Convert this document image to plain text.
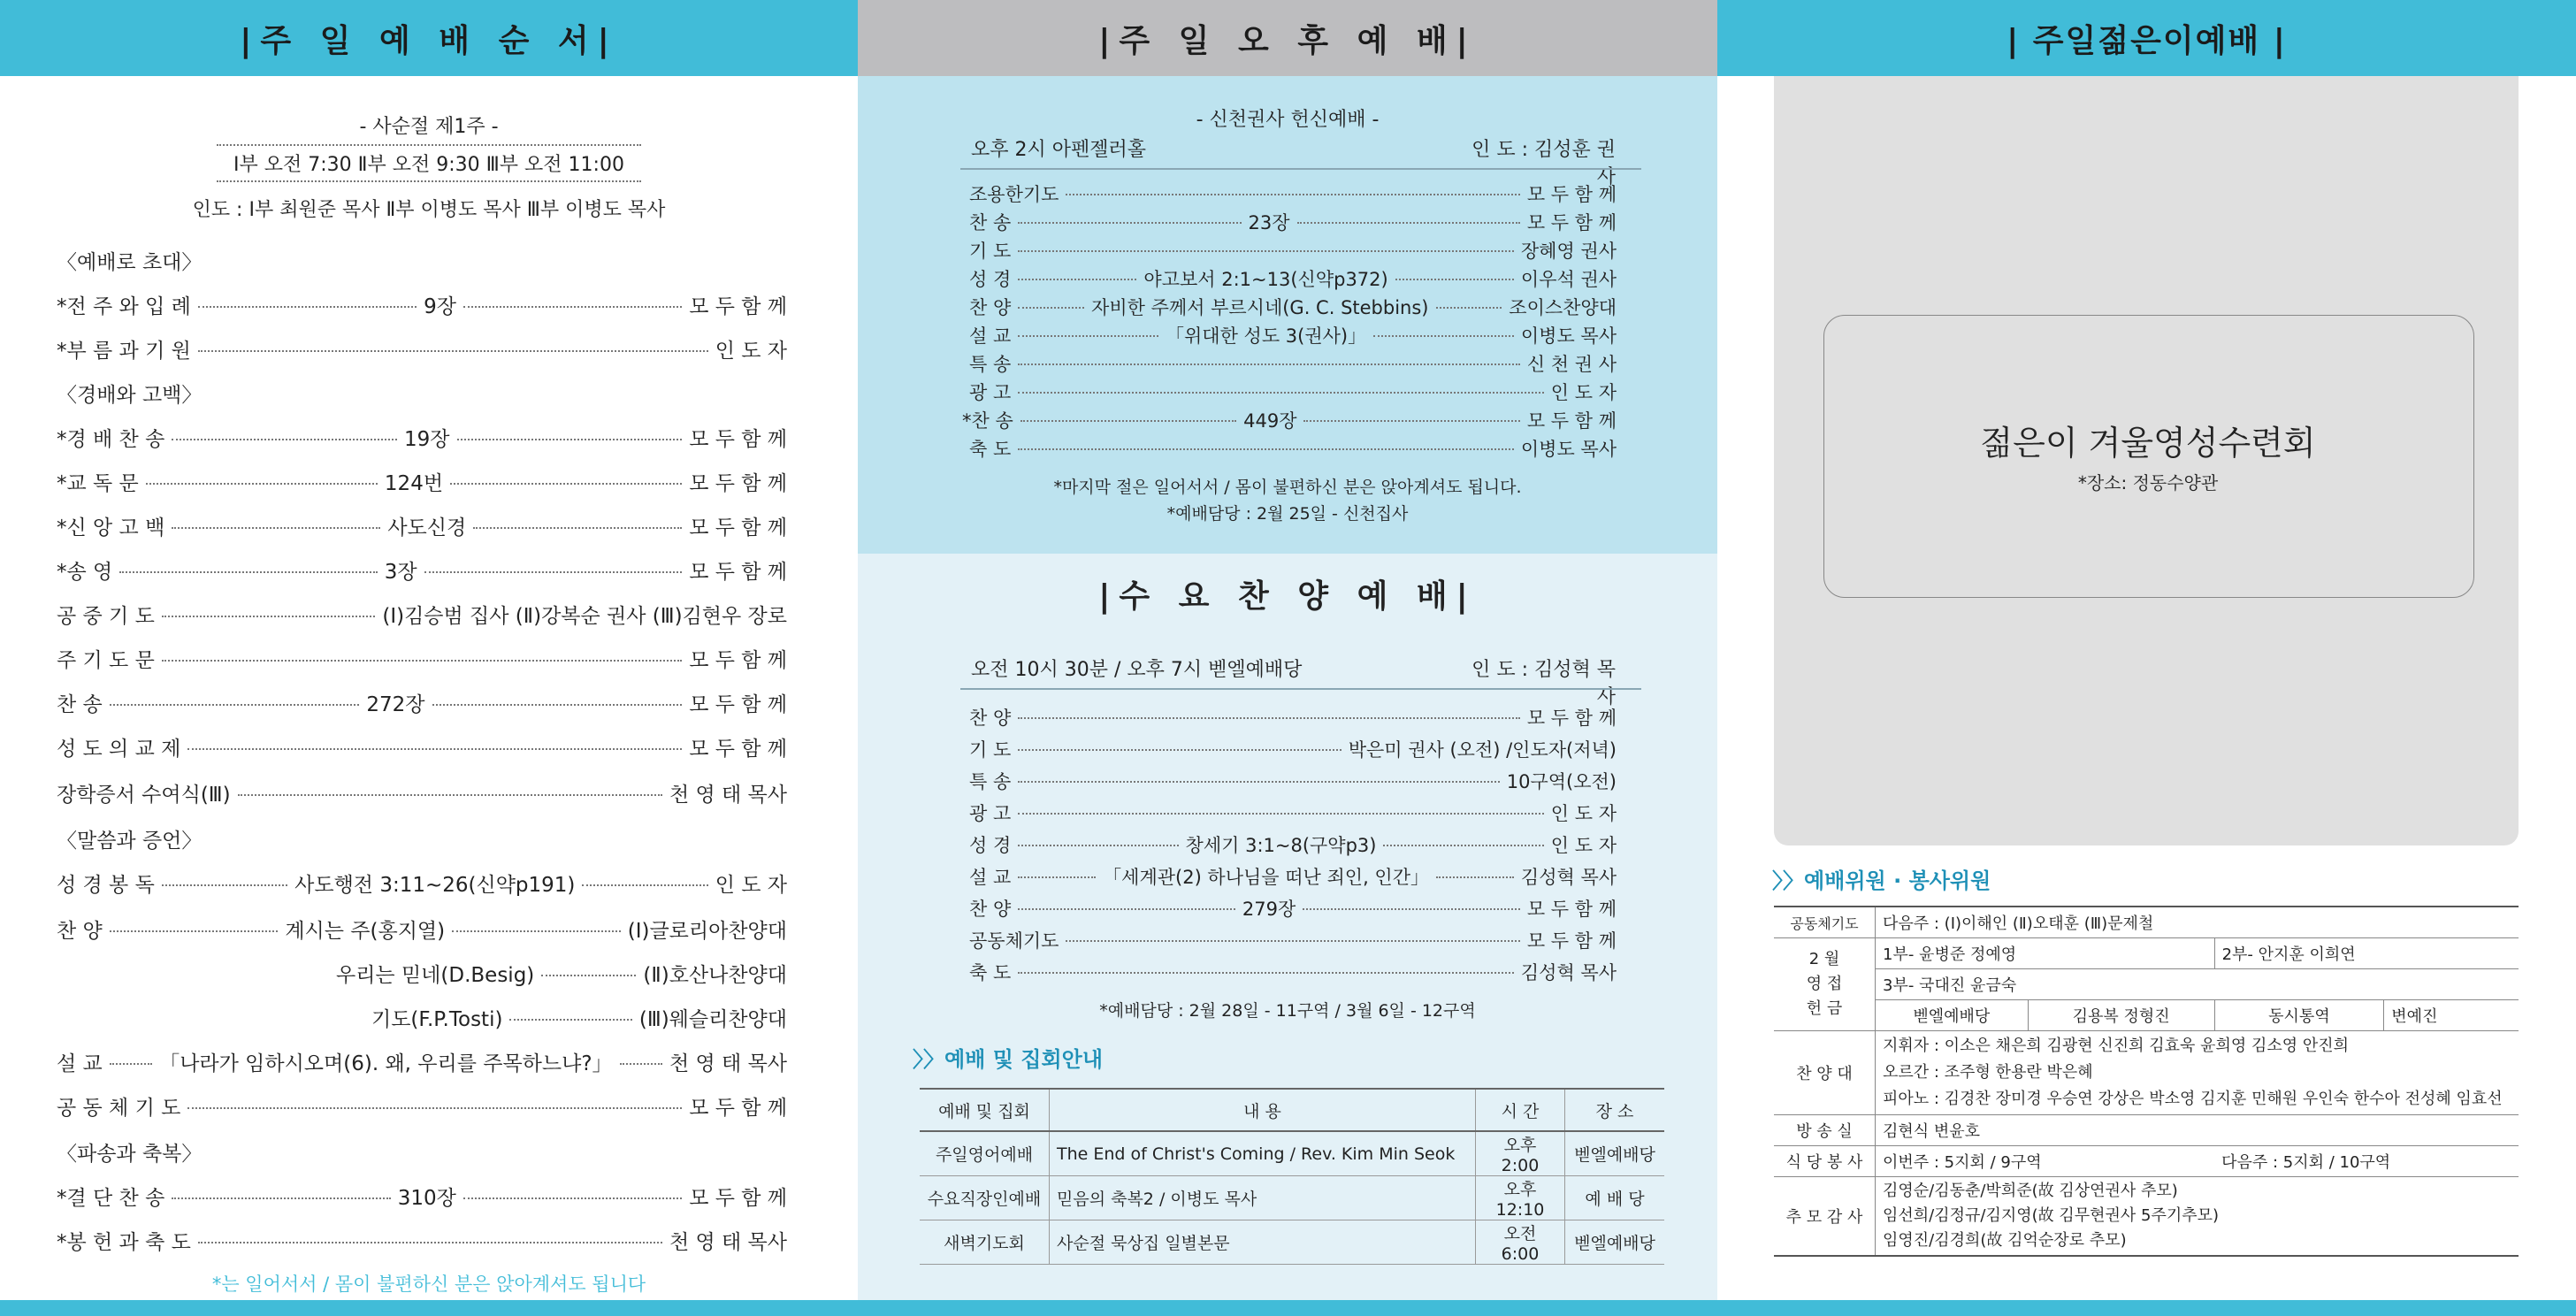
|주 일 예 배 순 서|
- 사순절 제1주 -
Ⅰ부 오전 7:30 Ⅱ부 오전 9:30 Ⅲ부 오전 11:00
인도 : Ⅰ부 최원준 목사 Ⅱ부 이병도 목사 Ⅲ부 이병도 목사
〈예배로 초대〉
〈경배와 고백〉
〈말씀과 증언〉
〈파송과 축복〉
*전 주 와 입 례	9장	모 두 함 께
*부 름 과 기 원	인 도 자
*경 배 찬 송	19장	모 두 함 께
*교 독 문	124번	모 두 함 께
*신 앙 고 백	사도신경	모 두 함 께
*송 영	3장	모 두 함 께
공 중 기 도	(Ⅰ)김승범 집사 (Ⅱ)강복순 권사 (Ⅲ)김현우 장로
주 기 도 문	모 두 함 께
찬 송	272장	모 두 함 께
성 도 의 교 제	모 두 함 께
장학증서 수여식(Ⅲ)	천 영 태 목사
성 경 봉 독	사도행전 3:11~26(신약p191)	인 도 자
찬 양	계시는 주(홍지열)	(Ⅰ)글로리아찬양대
우리는 믿네(D.Besig)	(Ⅱ)호산나찬양대
기도(F.P.Tosti)	(Ⅲ)웨슬리찬양대
설 교	「나라가 임하시오며(6). 왜, 우리를 주목하느냐?」	천 영 태 목사
공 동 체 기 도	모 두 함 께
*결 단 찬 송	310장	모 두 함 께
*봉 헌 과 축 도	천 영 태 목사
*는 일어서서 / 몸이 불편하신 분은 앉아계셔도 됩니다
|주 일 오 후 예 배|
- 신천권사 헌신예배 -
오후 2시 아펜젤러홀	인 도 : 김성훈 권사
조용한기도	모 두 함 께
찬 송	23장	모 두 함 께
기 도	장혜영 권사
성 경	야고보서 2:1~13(신약p372)	이우석 권사
찬 양	자비한 주께서 부르시네(G. C. Stebbins)	조이스찬양대
설 교	「위대한 성도 3(권사)」	이병도 목사
특 송	신 천 권 사
광 고	인 도 자
*찬 송	449장	모 두 함 께
축 도	이병도 목사
*마지막 절은 일어서서 / 몸이 불편하신 분은 앉아계셔도 됩니다.
*예배담당 : 2월 25일 - 신천집사
|수 요 찬 양 예 배|
오전 10시 30분 / 오후 7시 벧엘예배당	인 도 : 김성혁 목사
찬 양	모 두 함 께
기 도	박은미 권사 (오전) /인도자(저녁)
특 송	10구역(오전)
광 고	인 도 자
성 경	창세기 3:1~8(구약p3)	인 도 자
설 교	「세계관(2) 하나님을 떠난 죄인, 인간」	김성혁 목사
찬 양	279장	모 두 함 께
공동체기도	모 두 함 께
축 도	김성혁 목사
*예배담당 : 2월 28일 - 11구역 / 3월 6일 - 12구역
〉〉예배 및 집회안내
예배 및 집회	내 용	시 간	장 소
주일영어예배	The End of Christ's Coming / Rev. Kim Min Seok	오후 2:00	벧엘예배당
수요직장인예배	믿음의 축복2 / 이병도 목사	오후 12:10	예 배 당
새벽기도회	사순절 묵상집 일별본문	오전 6:00	벧엘예배당
| 주일젊은이예배 |
젊은이 겨울영성수련회
*장소: 정동수양관
〉〉예배위원 · 봉사위원
공동체기도	다음주 : (Ⅰ)이해인 (Ⅱ)오태훈 (Ⅲ)문제철			
2 월
영 접
헌 금	1부- 윤병준 정예영		2부- 안지훈 이희연	
	3부- 국대진 윤금숙			
	벧엘예배당	김용복 정형진	동시통역	변예진
찬 양 대	지휘자 : 이소은 채은희 김광현 신진희 김효욱 윤희영 김소영 안진희
오르간 : 조주형 한용란 박은혜
피아노 : 김경찬 장미경 우승연 강상은 박소영 김지훈 민해원 우인숙 한수아 전성혜 임효선			

방 송 실	김현식 변윤호			
식 당 봉 사	이번주 : 5지회 / 9구역		다음주 : 5지회 / 10구역	
추 모 감 사	김영순/김동춘/박희준(故 김상연권사 추모)
임선희/김정규/김지영(故 김무현권사 5주기추모)
임영진/김경희(故 김억순장로 추모)			
